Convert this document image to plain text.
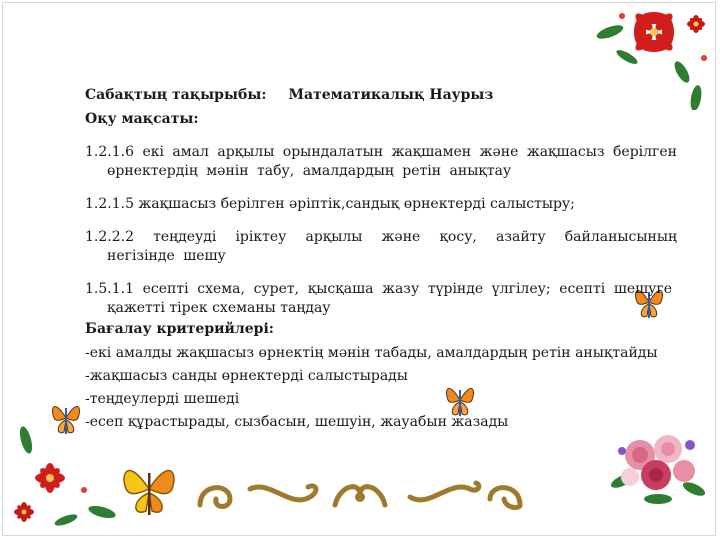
Сабақтың тақырыбы: Математикалық Наурыз

Оқу мақсаты:

1.2.1.6 екі амал арқылы орындалатын жақшамен және жақшасыз берілген өрнектердің мәнін табу, амалдардың ретін анықтау

1.2.1.5 жақшасыз берілген әріптік,сандық өрнектерді салыстыру;

1.2.2.2 теңдеуді іріктеу арқылы және қосу, азайту байланысының негізінде шешу

1.5.1.1 есепті схема, сурет, қысқаша жазу түрінде үлгілеу; есепті шешуге қажетті тірек схеманы таңдау

Бағалау критерийлері:

-екі амалды жақшасыз өрнектің мәнін табады, амалдардың ретін анықтайды

-жақшасыз санды өрнектерді салыстырады

-теңдеулерді шешеді

-есеп құрастырады, сызбасын, шешуін, жауабын жазады
